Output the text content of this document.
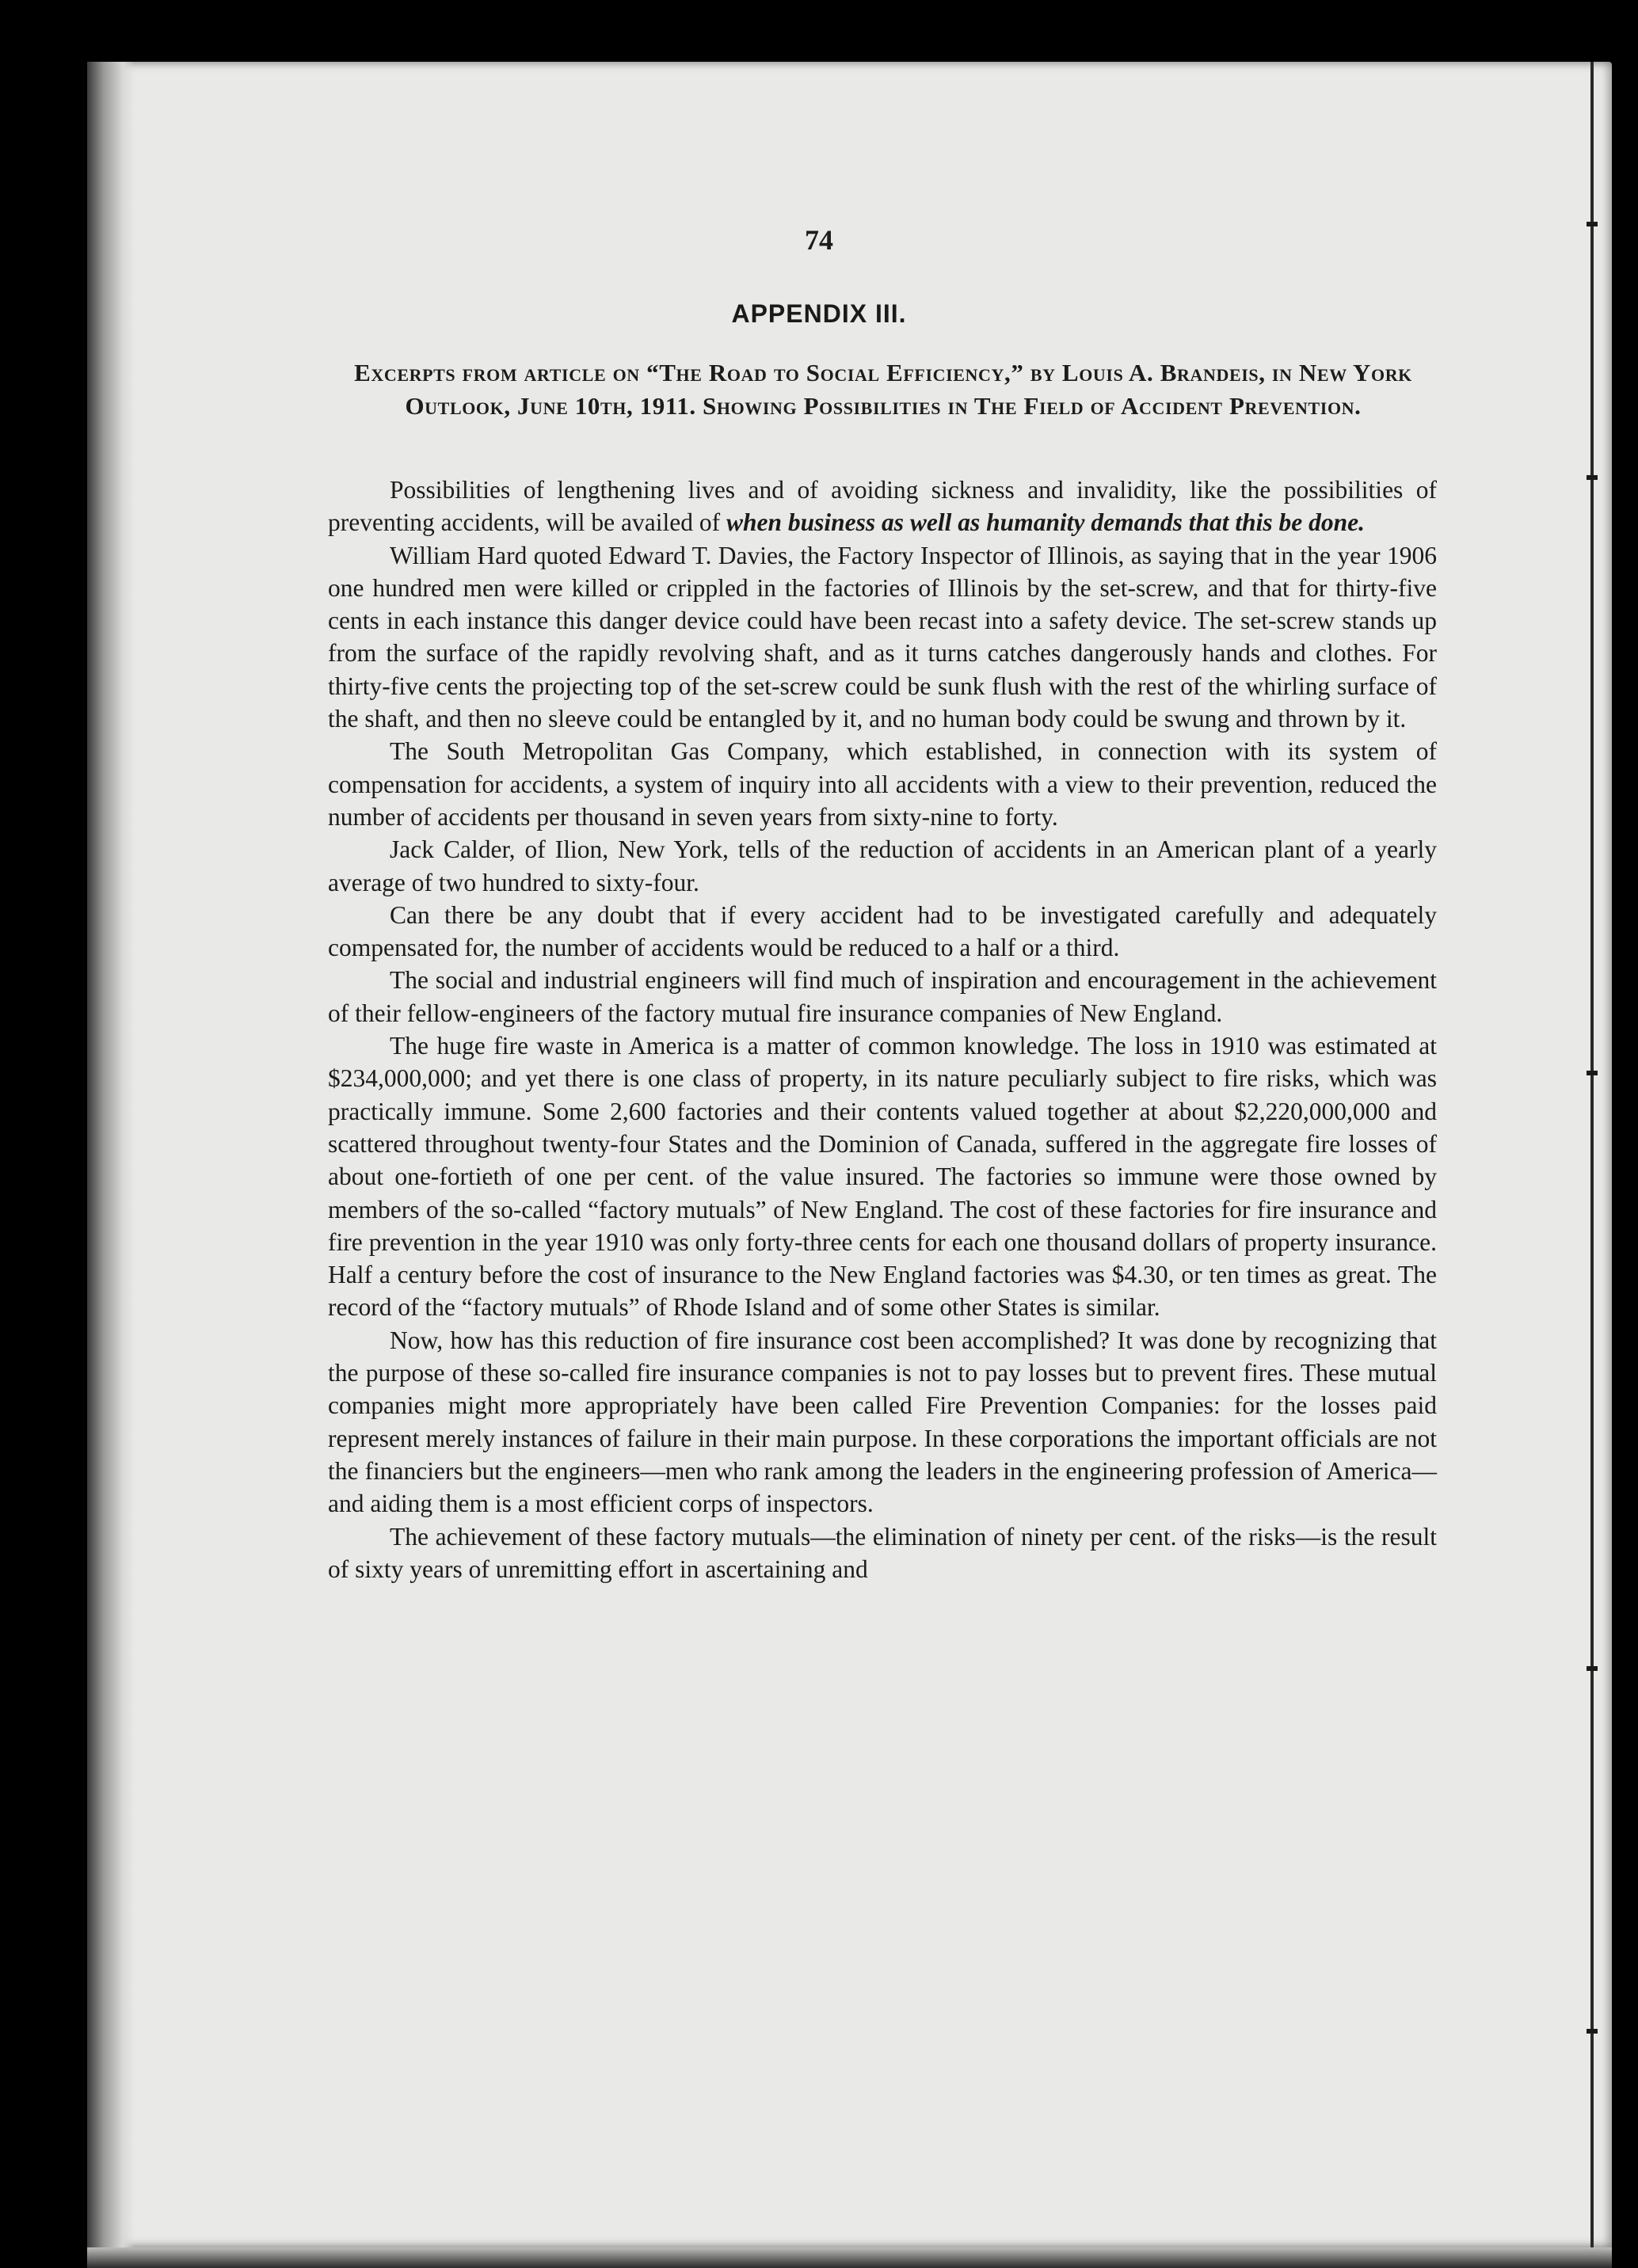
74
APPENDIX III.
Excerpts from article on “The Road to Social Efficiency,” by Louis A. Brandeis, in New York Outlook, June 10th, 1911. Showing Possibilities in The Field of Accident Prevention.

Possibilities of lengthening lives and of avoiding sickness and invalidity, like the possibilities of preventing accidents, will be availed of when business as well as humanity demands that this be done.

William Hard quoted Edward T. Davies, the Factory Inspector of Illinois, as saying that in the year 1906 one hundred men were killed or crippled in the factories of Illinois by the set-screw, and that for thirty-five cents in each instance this danger device could have been recast into a safety device. The set-screw stands up from the surface of the rapidly revolving shaft, and as it turns catches dangerously hands and clothes. For thirty-five cents the projecting top of the set-screw could be sunk flush with the rest of the whirling surface of the shaft, and then no sleeve could be entangled by it, and no human body could be swung and thrown by it.

The South Metropolitan Gas Company, which established, in connection with its system of compensation for accidents, a system of inquiry into all accidents with a view to their prevention, reduced the number of accidents per thousand in seven years from sixty-nine to forty.

Jack Calder, of Ilion, New York, tells of the reduction of accidents in an American plant of a yearly average of two hundred to sixty-four.

Can there be any doubt that if every accident had to be investigated carefully and adequately compensated for, the number of accidents would be reduced to a half or a third.

The social and industrial engineers will find much of inspiration and encouragement in the achievement of their fellow-engineers of the factory mutual fire insurance companies of New England.

The huge fire waste in America is a matter of common knowledge. The loss in 1910 was estimated at $234,000,000; and yet there is one class of property, in its nature peculiarly subject to fire risks, which was practically immune. Some 2,600 factories and their contents valued together at about $2,220,000,000 and scattered throughout twenty-four States and the Dominion of Canada, suffered in the aggregate fire losses of about one-fortieth of one per cent. of the value insured. The factories so immune were those owned by members of the so-called “factory mutuals” of New England. The cost of these factories for fire insurance and fire prevention in the year 1910 was only forty-three cents for each one thousand dollars of property insurance. Half a century before the cost of insurance to the New England factories was $4.30, or ten times as great. The record of the “factory mutuals” of Rhode Island and of some other States is similar.

Now, how has this reduction of fire insurance cost been accomplished? It was done by recognizing that the purpose of these so-called fire insurance companies is not to pay losses but to prevent fires. These mutual companies might more appropriately have been called Fire Prevention Companies: for the losses paid represent merely instances of failure in their main purpose. In these corporations the important officials are not the financiers but the engineers—men who rank among the leaders in the engineering profession of America—and aiding them is a most efficient corps of inspectors.

The achievement of these factory mutuals—the elimination of ninety per cent. of the risks—is the result of sixty years of unremitting effort in ascertaining and
